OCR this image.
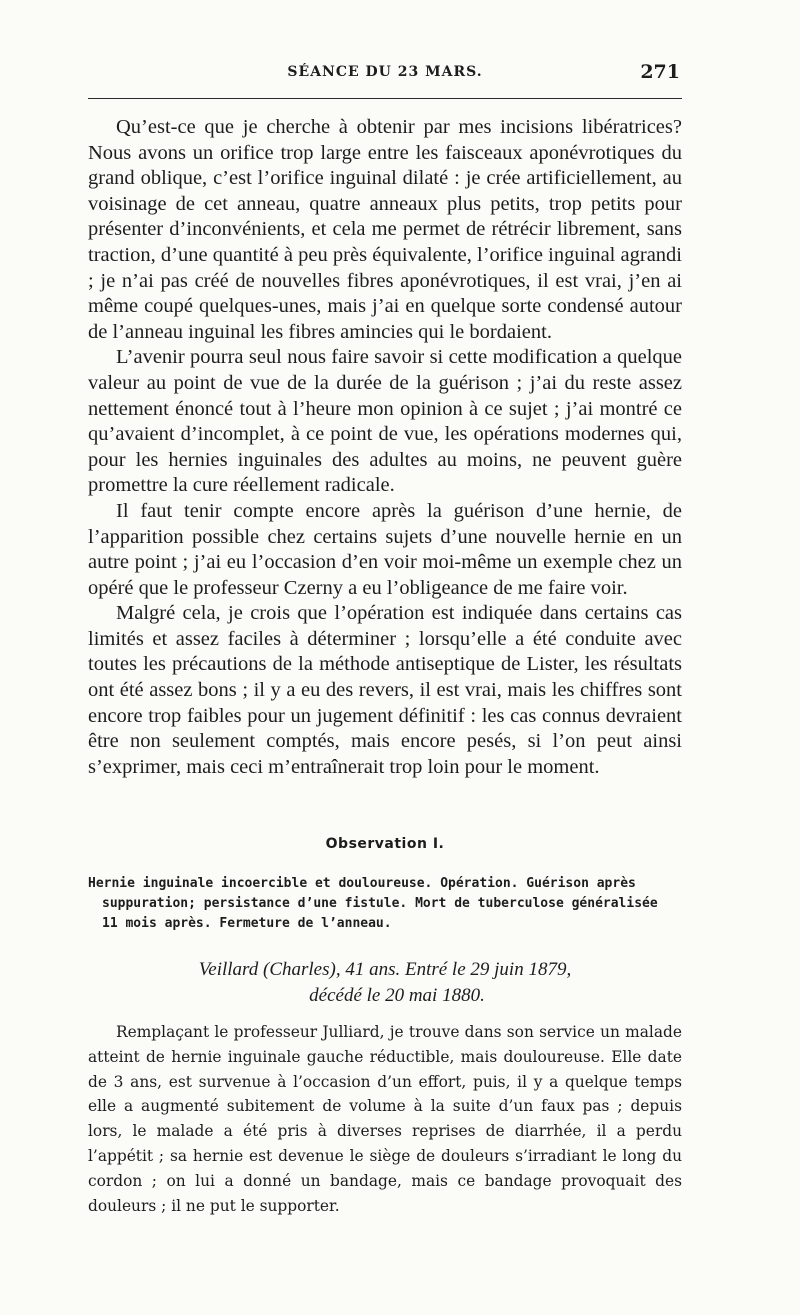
SÉANCE DU 23 MARS.	271

Qu’est-ce que je cherche à obtenir par mes incisions libératrices? Nous avons un orifice trop large entre les faisceaux aponévrotiques du grand oblique, c’est l’orifice inguinal dilaté : je crée artificiellement, au voisinage de cet anneau, quatre anneaux plus petits, trop petits pour présenter d’inconvénients, et cela me permet de rétrécir librement, sans traction, d’une quantité à peu près équivalente, l’orifice inguinal agrandi ; je n’ai pas créé de nouvelles fibres aponévrotiques, il est vrai, j’en ai même coupé quelques-unes, mais j’ai en quelque sorte condensé autour de l’anneau inguinal les fibres amincies qui le bordaient.

L’avenir pourra seul nous faire savoir si cette modification a quelque valeur au point de vue de la durée de la guérison ; j’ai du reste assez nettement énoncé tout à l’heure mon opinion à ce sujet ; j’ai montré ce qu’avaient d’incomplet, à ce point de vue, les opérations modernes qui, pour les hernies inguinales des adultes au moins, ne peuvent guère promettre la cure réellement radicale.

Il faut tenir compte encore après la guérison d’une hernie, de l’apparition possible chez certains sujets d’une nouvelle hernie en un autre point ; j’ai eu l’occasion d’en voir moi-même un exemple chez un opéré que le professeur Czerny a eu l’obligeance de me faire voir.

Malgré cela, je crois que l’opération est indiquée dans certains cas limités et assez faciles à déterminer ; lorsqu’elle a été conduite avec toutes les précautions de la méthode antiseptique de Lister, les résultats ont été assez bons ; il y a eu des revers, il est vrai, mais les chiffres sont encore trop faibles pour un jugement définitif : les cas connus devraient être non seulement comptés, mais encore pesés, si l’on peut ainsi s’exprimer, mais ceci m’entraînerait trop loin pour le moment.

Observation I.
Hernie inguinale incoercible et douloureuse. Opération. Guérison après
suppuration; persistance d’une fistule. Mort de tuberculose généralisée
11 mois après. Fermeture de l’anneau.
Veillard (Charles), 41 ans. Entré le 29 juin 1879,
décédé le 20 mai 1880.

Remplaçant le professeur Julliard, je trouve dans son service un malade atteint de hernie inguinale gauche réductible, mais douloureuse. Elle date de 3 ans, est survenue à l’occasion d’un effort, puis, il y a quelque temps elle a augmenté subitement de volume à la suite d’un faux pas ; depuis lors, le malade a été pris à diverses reprises de diarrhée, il a perdu l’appétit ; sa hernie est devenue le siège de douleurs s’irradiant le long du cordon ; on lui a donné un bandage, mais ce bandage provoquait des douleurs ; il ne put le supporter.
